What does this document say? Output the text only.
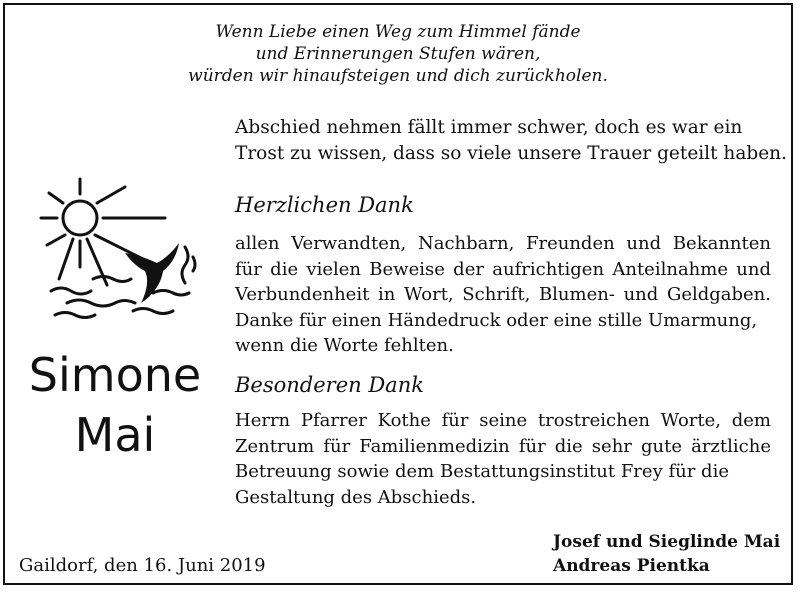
Wenn Liebe einen Weg zum Himmel fände
und Erinnerungen Stufen wären,
würden wir hinaufsteigen und dich zurückholen.
Abschied nehmen fällt immer schwer, doch es war ein
Trost zu wissen, dass so viele unsere Trauer geteilt haben.
Herzlichen Dank
allen Verwandten, Nachbarn, Freunden und Bekannten für die vielen Beweise der aufrichtigen Anteilnahme und Verbundenheit in Wort, Schrift, Blumen- und Geldgaben. Danke für einen Händedruck oder eine stille Umarmung,
wenn die Worte fehlten.
Besonderen Dank
Herrn Pfarrer Kothe für seine trostreichen Worte, dem Zentrum für Familienmedizin für die sehr gute ärztliche Betreuung sowie dem Bestattungsinstitut Frey für die
Gestaltung des Abschieds.
Simone
Mai
Gaildorf, den 16. Juni 2019
Josef und Sieglinde Mai
Andreas Pientka
